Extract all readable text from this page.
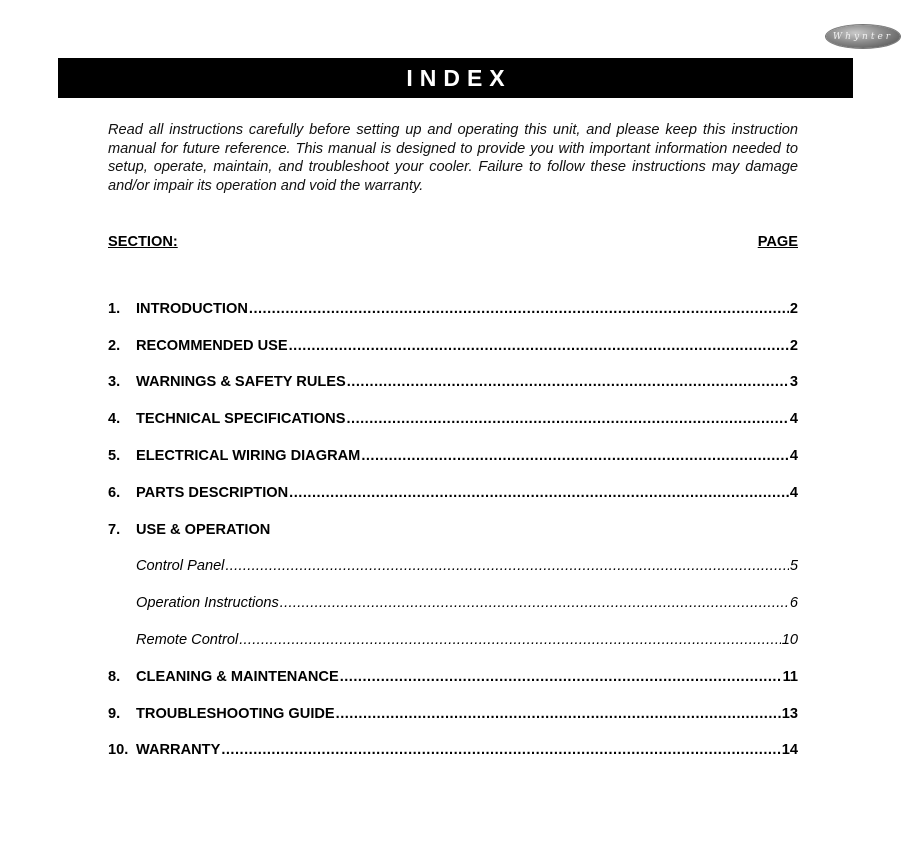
Whynter
INDEX
Read all instructions carefully before setting up and operating this unit, and please keep this instruction manual for future reference. This manual is designed to provide you with important information needed to setup, operate, maintain, and troubleshoot your cooler. Failure to follow these instructions may damage and/or impair its operation and void the warranty.
SECTION:	PAGE
1.	INTRODUCTION .....	2
2.	RECOMMENDED USE .....	2
3.	WARNINGS & SAFETY RULES .....	3
4.	TECHNICAL SPECIFICATIONS .....	4
5.	ELECTRICAL WIRING DIAGRAM .....	4
6.	PARTS DESCRIPTION .....	4
7.	USE & OPERATION
Control Panel .....	5
Operation Instructions .....	6
Remote Control .....	10
8.	CLEANING & MAINTENANCE .....	11
9.	TROUBLESHOOTING GUIDE .....	13
10. WARRANTY .....	14
